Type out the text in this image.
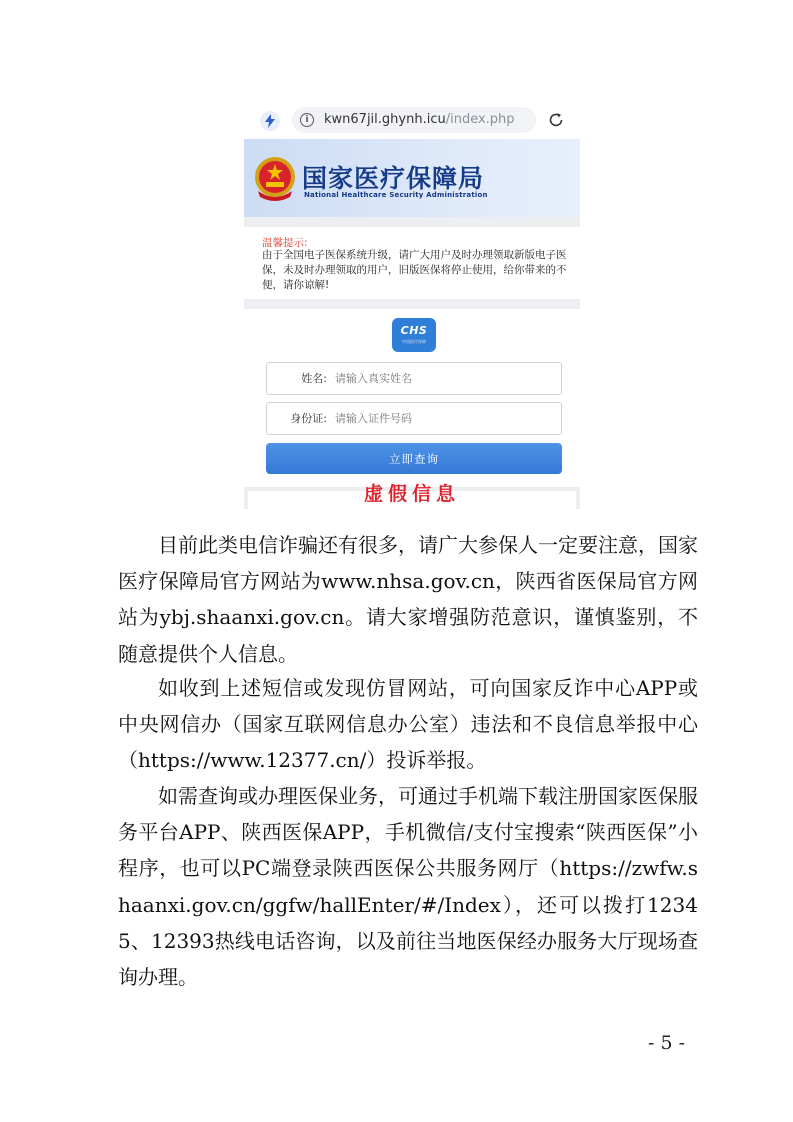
i	kwn67jil.ghynh.icu/index.php
国家医疗保障局
National Healthcare Security Administration
温馨提示:
由于全国电子医保系统升级，请广大用户及时办理领取新版电子医保，未及时办理领取的用户，旧版医保将停止使用，给你带来的不便，请你谅解!
CHS
中国医疗保障
姓名:
请输入真实姓名
身份证:
请输入证件号码
立即查询
虚假信息

目前此类电信诈骗还有很多，请广大参保人一定要注意，国家医疗保障局官方网站为www.nhsa.gov.cn，陕西省医保局官方网站为ybj.shaanxi.gov.cn。请大家增强防范意识，谨慎鉴别，不随意提供个人信息。

如收到上述短信或发现仿冒网站，可向国家反诈中心APP或中央网信办（国家互联网信息办公室）违法和不良信息举报中心（https://www.12377.cn/）投诉举报。

如需查询或办理医保业务，可通过手机端下载注册国家医保服务平台APP、陕西医保APP，手机微信/支付宝搜索“陕西医保”小程序，也可以PC端登录陕西医保公共服务网厅（https://zwfw.shaanxi.gov.cn/ggfw/hallEnter/#/Index），还可以拨打12345、12393热线电话咨询，以及前往当地医保经办服务大厅现场查询办理。

- 5 -
